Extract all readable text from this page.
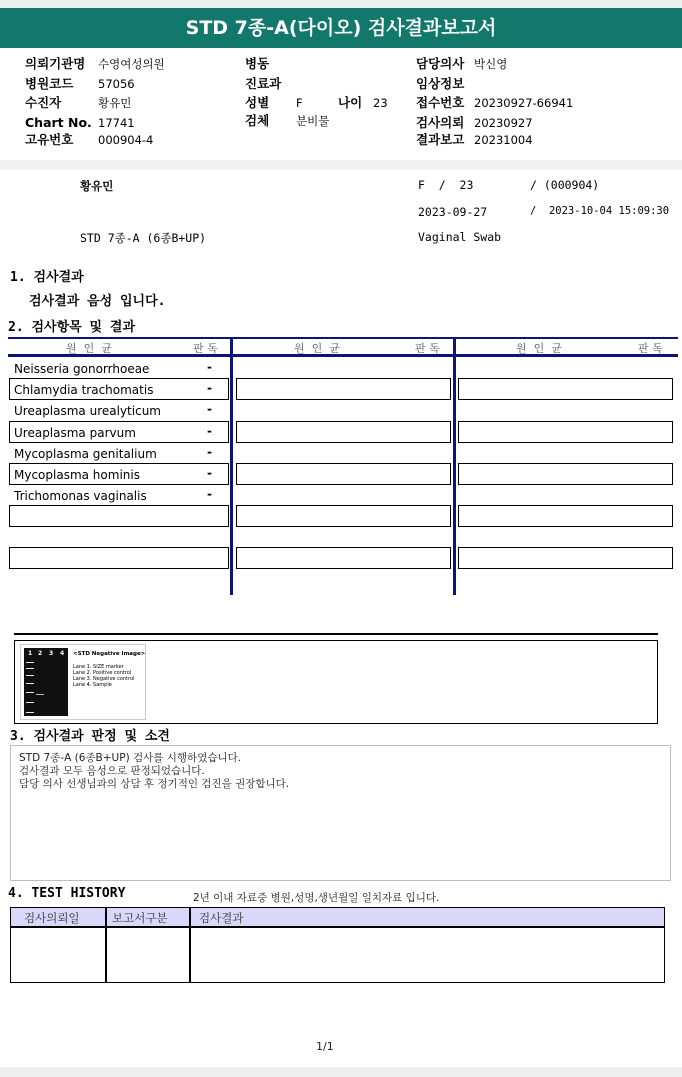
STD 7종-A(다이오) 검사결과보고서
의뢰기관명 수영여성의원
병원코드 57056
수진자	황유민
Chart No. 17741
고유번호 000904-4
병동
진료과
성별 F	나이 23
검체 분비물
담당의사 박신영
임상정보
접수번호 20230927-66941
검사의뢰 20230927
결과보고 20231004
황유민	F  /  23	/ (000904)
2023-09-27	/  2023-10-04 15:09:30
STD 7종-A (6종B+UP)	Vaginal Swab
1. 검사결과
검사결과 음성 입니다.
2. 검사항목 및 결과
원  인  균	판 독	원  인  균	판 독	원  인  균	판 독
Neisseria gonorrhoeae	-
Chlamydia trachomatis	-
Ureaplasma urealyticum	-
Ureaplasma parvum	-
Mycoplasma genitalium	-
Mycoplasma hominis	-
Trichomonas vaginalis	-
1 2 3 4 <STD Negative Image>
Lane 1. SIZE marker
Lane 2. Positive control
Lane 3. Negative control
Lane 4. Sample
3. 검사결과 판정 및 소견
STD 7종-A (6종B+UP) 검사를 시행하였습니다.
검사결과 모두 음성으로 판정되었습니다.
담당 의사 선생님과의 상담 후 정기적인 검진을 권장합니다.
4. TEST HISTORY	2년 이내 자료중 병원,성명,생년월일 일치자료 입니다.
검사의뢰일	보고서구분	검사결과
1/1
